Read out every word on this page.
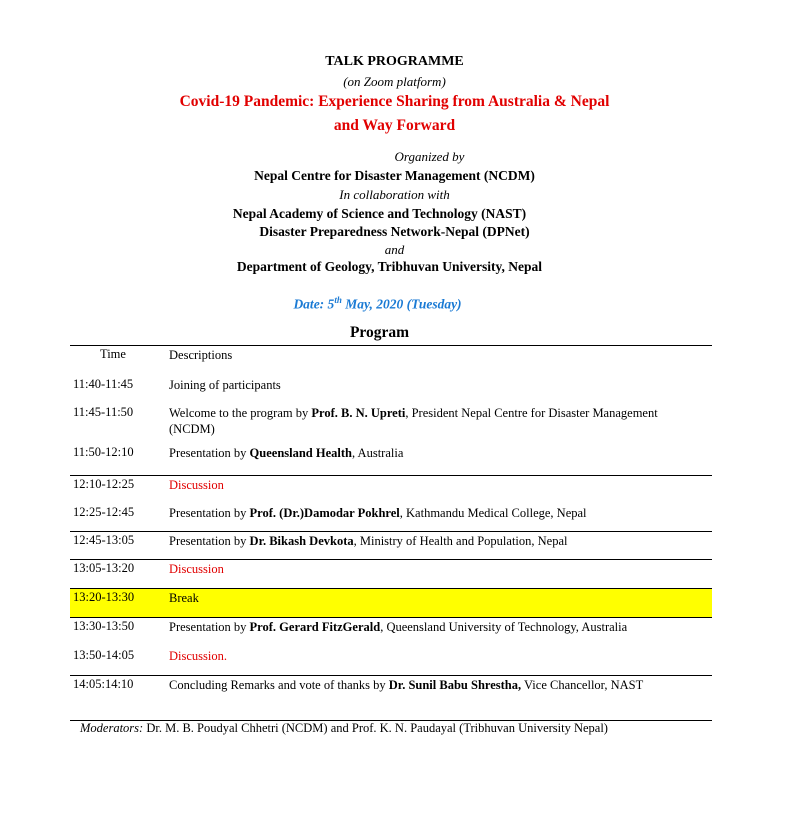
TALK PROGRAMME
(on Zoom platform)
Covid-19 Pandemic: Experience Sharing from Australia & Nepal
and Way Forward
Organized by
Nepal Centre for Disaster Management (NCDM)
In collaboration with
Nepal Academy of Science and Technology (NAST)
Disaster Preparedness Network-Nepal (DPNet)
and
Department of Geology, Tribhuvan University, Nepal
Date: 5th May, 2020 (Tuesday)
Program
Time	Descriptions
11:40-11:45	Joining of participants
11:45-11:50	Welcome to the program by Prof. B. N. Upreti, President Nepal Centre for Disaster Management (NCDM)
11:50-12:10	Presentation by Queensland Health, Australia
12:10-12:25	Discussion
12:25-12:45	Presentation by Prof. (Dr.)Damodar Pokhrel, Kathmandu Medical College, Nepal
12:45-13:05	Presentation by Dr. Bikash Devkota, Ministry of Health and Population, Nepal
13:05-13:20	Discussion
13:20-13:30	Break
13:30-13:50	Presentation by Prof. Gerard FitzGerald, Queensland University of Technology, Australia
13:50-14:05	Discussion.
14:05:14:10	Concluding Remarks and vote of thanks by Dr. Sunil Babu Shrestha, Vice Chancellor, NAST
Moderators: Dr. M. B. Poudyal Chhetri (NCDM) and Prof. K. N. Paudayal (Tribhuvan University Nepal)
